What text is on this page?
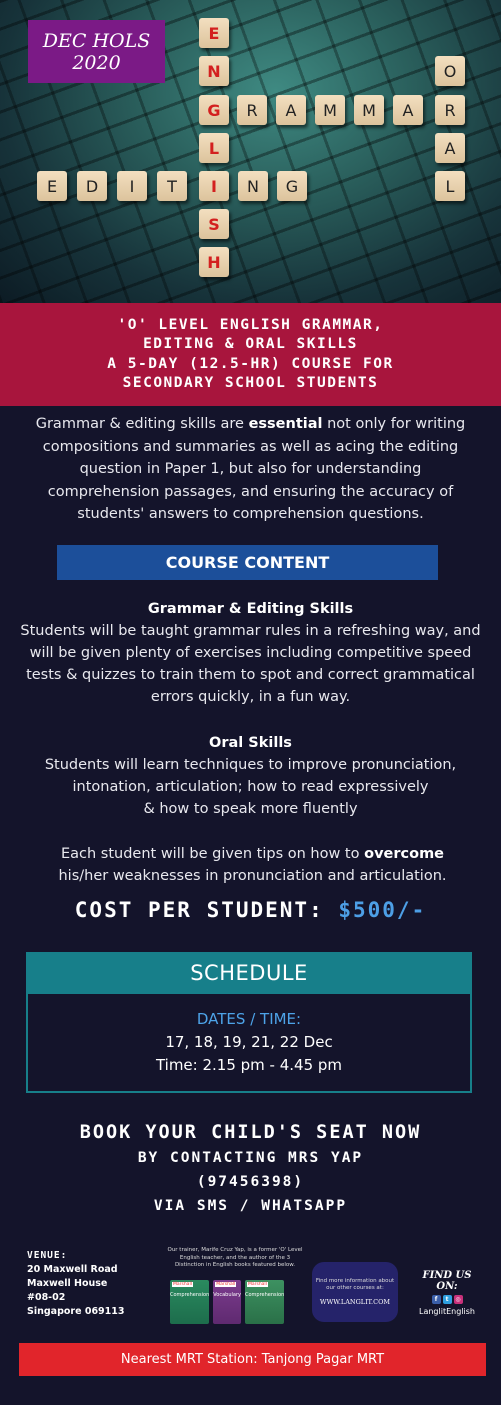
DEC HOLS
2020
E
N
G
L
I
S
H
R	A	M	M	A
O
R
A
L
E	D	I	T	N	G
'O' LEVEL ENGLISH GRAMMAR,
EDITING & ORAL SKILLS
A 5-DAY (12.5-HR) COURSE FOR
SECONDARY SCHOOL STUDENTS

Grammar & editing skills are essential not only for writing compositions and summaries as well as acing the editing question in Paper 1, but also for understanding comprehension passages, and ensuring the accuracy of students' answers to comprehension questions.

COURSE CONTENT
Grammar & Editing Skills

Students will be taught grammar rules in a refreshing way, and will be given plenty of exercises including competitive speed tests & quizzes to train them to spot and correct grammatical errors quickly, in a fun way.

Oral Skills

Students will learn techniques to improve pronunciation,

intonation, articulation; how to read expressively

& how to speak more fluently

Each student will be given tips on how to overcome his/her weaknesses in pronunciation and articulation.

COST PER STUDENT: $500/-
SCHEDULE
DATES / TIME:
17, 18, 19, 21, 22 Dec
Time: 2.15 pm - 4.45 pm
BOOK YOUR CHILD'S SEAT NOW
BY CONTACTING MRS YAP
(97456398)
VIA SMS / WHATSAPP
VENUE:
20 Maxwell Road
Maxwell House
#08-02
Singapore 069113
Our trainer, Marife Cruz Yap, is a former 'O' Level English teacher, and the author of the 3 Distinction in English books featured below.
Marshall
Comprehension
Marshall
Vocabulary
Marshall
Comprehension
Find more information about our other courses at:
WWW.LANGLIT.COM
FIND US ON:
f	t	◎
LanglitEnglish
Nearest MRT Station: Tanjong Pagar MRT
